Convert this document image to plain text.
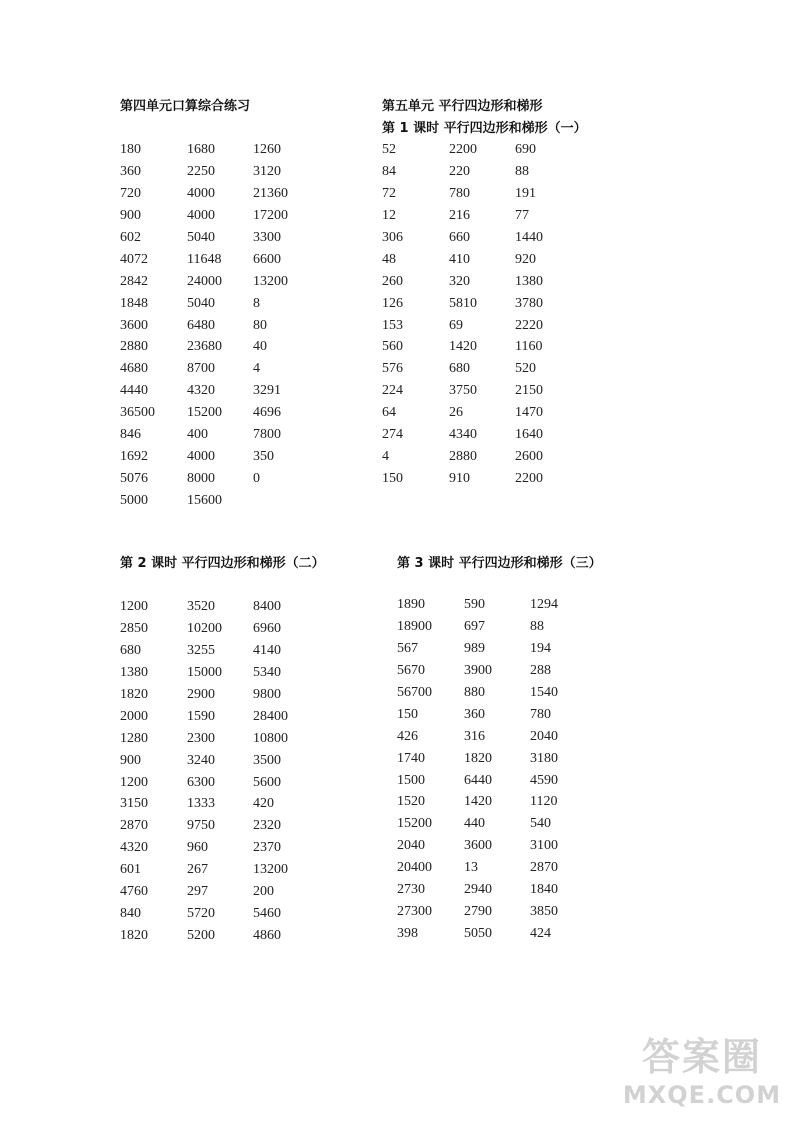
第四单元口算综合练习
180	1680	1260
360	2250	3120
720	4000	21360
900	4000	17200
602	5040	3300
4072	11648 6600
2842	24000 13200
1848	5040	8
3600	6480	80
2880	23680 40
4680	8700	4
4440	4320	3291
36500 15200 4696
846	400	7800
1692	4000	350
5076	8000	0
5000	15600
第五单元 平行四边形和梯形
第 1 课时 平行四边形和梯形（一）
52	2200	690
84	220	88
72	780	191
12	216	77
306	660	1440
48	410	920
260	320	1380
126	5810	3780
153	69	2220
560	1420	1160
576	680	520
224	3750	2150
64	26	1470
274	4340	1640
4	2880	2600
150	910	2200
第 2 课时 平行四边形和梯形（二）
1200	3520	8400
2850	10200 6960
680	3255	4140
1380	15000 5340
1820	2900	9800
2000	1590	28400
1280	2300	10800
900	3240	3500
1200	6300	5600
3150	1333	420
2870	9750	2320
4320	960	2370
601	267	13200
4760	297	200
840	5720	5460
1820	5200	4860
第 3 课时 平行四边形和梯形（三）
1890	590	1294
18900 697	88
567	989	194
5670	3900	288
56700 880	1540
150	360	780
426	316	2040
1740	1820	3180
1500	6440	4590
1520	1420	1120
15200 440	540
2040	3600	3100
20400 13	2870
2730	2940	1840
27300 2790	3850
398	5050	424
答案圈
MXQE.COM
